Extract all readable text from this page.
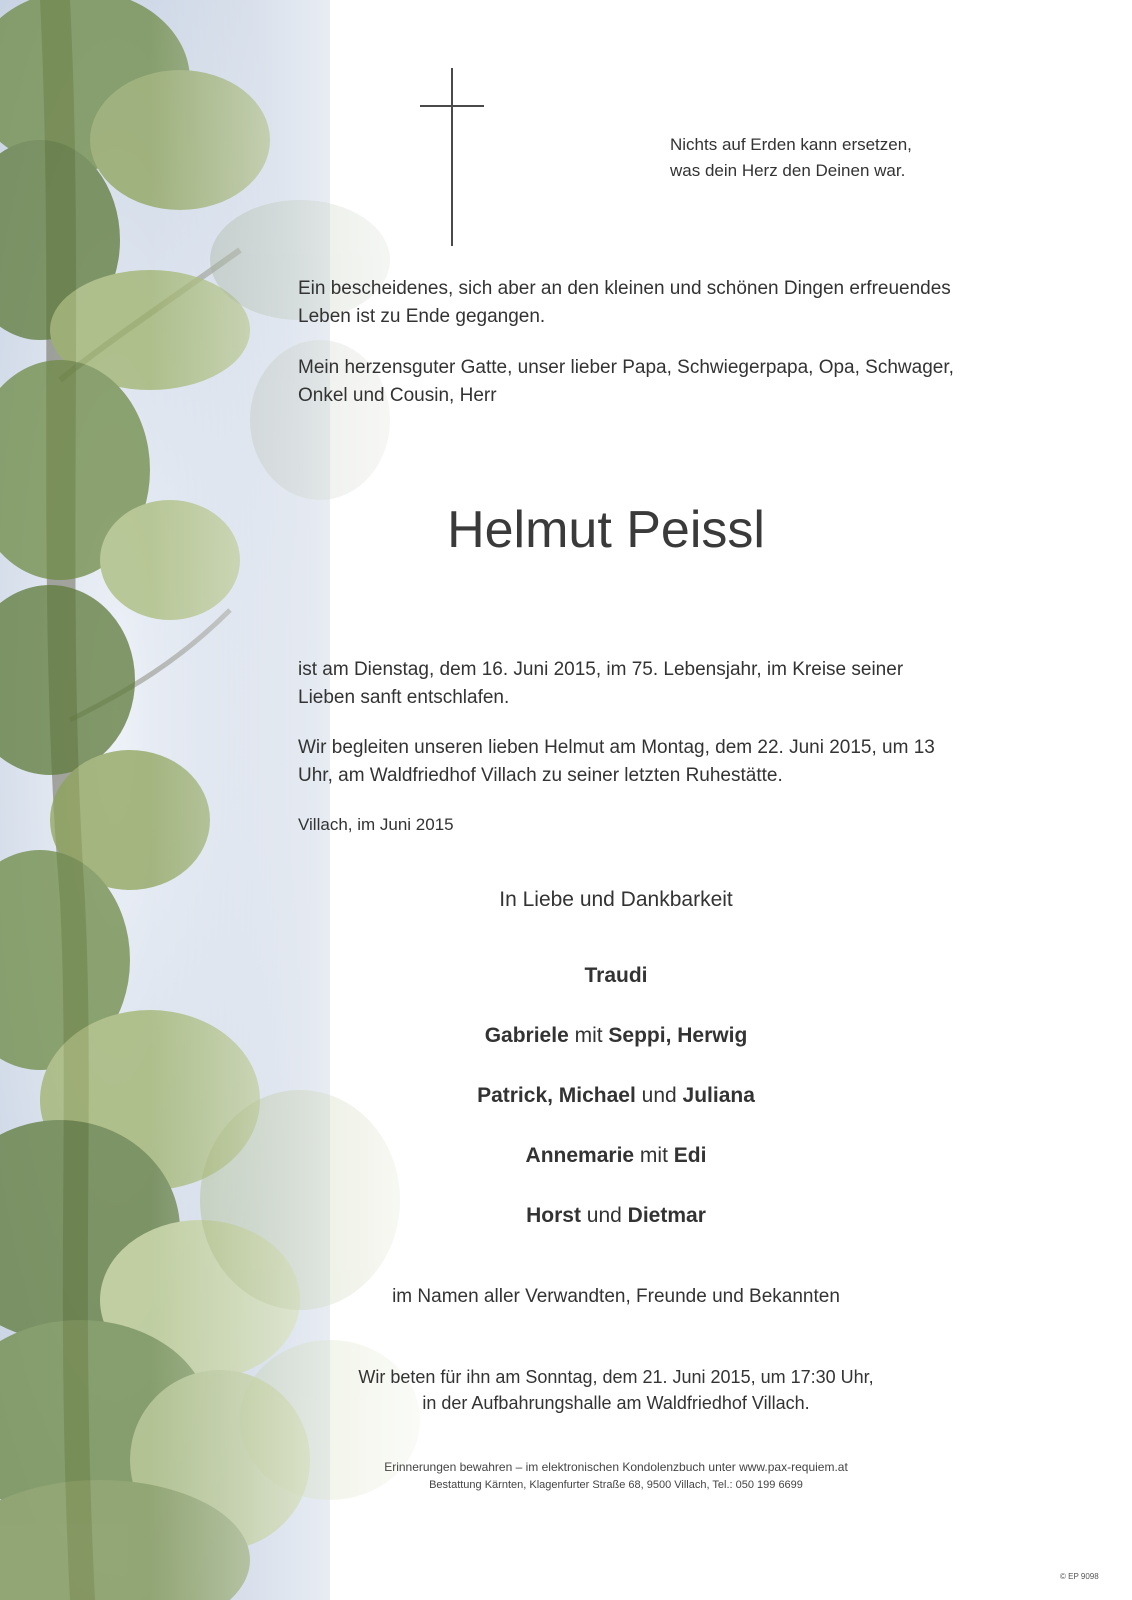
Nichts auf Erden kann ersetzen,
was dein Herz den Deinen war.

Ein bescheidenes, sich aber an den kleinen und schönen Dingen erfreuendes Leben ist zu Ende gegangen.

Mein herzensguter Gatte, unser lieber Papa, Schwiegerpapa, Opa, Schwager, Onkel und Cousin, Herr

Helmut Peissl

ist am Dienstag, dem 16. Juni 2015, im 75. Lebensjahr, im Kreise seiner Lieben sanft entschlafen.

Wir begleiten unseren lieben Helmut am Montag, dem 22. Juni 2015, um 13 Uhr, am Waldfriedhof Villach zu seiner letzten Ruhestätte.

Villach, im Juni 2015

In Liebe und Dankbarkeit

Traudi

Gabriele mit Seppi, Herwig

Patrick, Michael und Juliana

Annemarie mit Edi

Horst und Dietmar

im Namen aller Verwandten, Freunde und Bekannten

Wir beten für ihn am Sonntag, dem 21. Juni 2015, um 17:30 Uhr,
in der Aufbahrungshalle am Waldfriedhof Villach.

Erinnerungen bewahren – im elektronischen Kondolenzbuch unter www.pax-requiem.at

Bestattung Kärnten, Klagenfurter Straße 68, 9500 Villach, Tel.: 050 199 6699

© EP 9098
